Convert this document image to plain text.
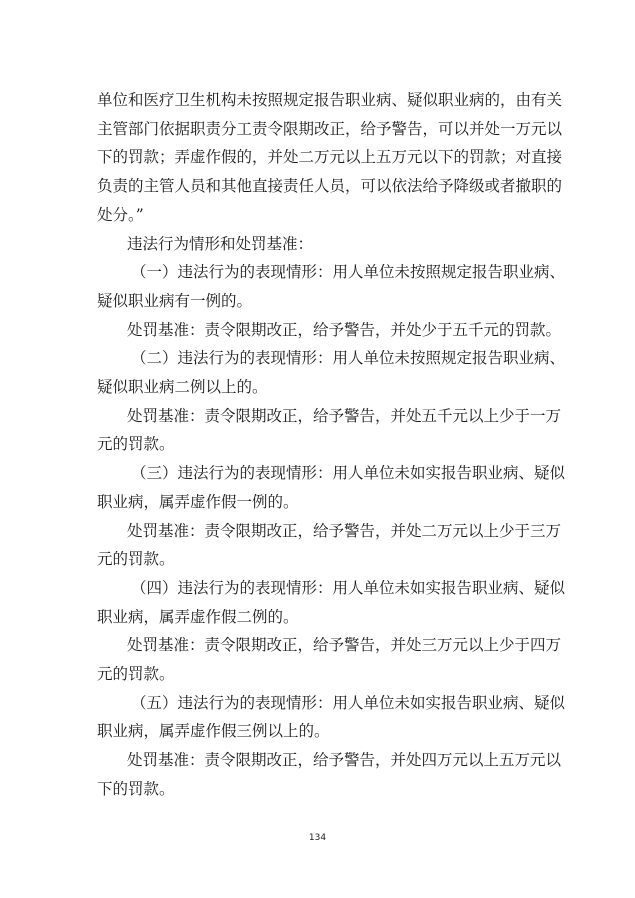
单位和医疗卫生机构未按照规定报告职业病、疑似职业病的，由有关
主管部门依据职责分工责令限期改正，给予警告，可以并处一万元以
下的罚款；弄虚作假的，并处二万元以上五万元以下的罚款；对直接
负责的主管人员和其他直接责任人员，可以依法给予降级或者撤职的
处分。”
违法行为情形和处罚基准：
（一）违法行为的表现情形：用人单位未按照规定报告职业病、
疑似职业病有一例的。
处罚基准：责令限期改正，给予警告，并处少于五千元的罚款。
（二）违法行为的表现情形：用人单位未按照规定报告职业病、
疑似职业病二例以上的。
处罚基准：责令限期改正，给予警告，并处五千元以上少于一万
元的罚款。
（三）违法行为的表现情形：用人单位未如实报告职业病、疑似
职业病，属弄虚作假一例的。
处罚基准：责令限期改正，给予警告，并处二万元以上少于三万
元的罚款。
（四）违法行为的表现情形：用人单位未如实报告职业病、疑似
职业病，属弄虚作假二例的。
处罚基准：责令限期改正，给予警告，并处三万元以上少于四万
元的罚款。
（五）违法行为的表现情形：用人单位未如实报告职业病、疑似
职业病，属弄虚作假三例以上的。
处罚基准：责令限期改正，给予警告，并处四万元以上五万元以
下的罚款。
134
